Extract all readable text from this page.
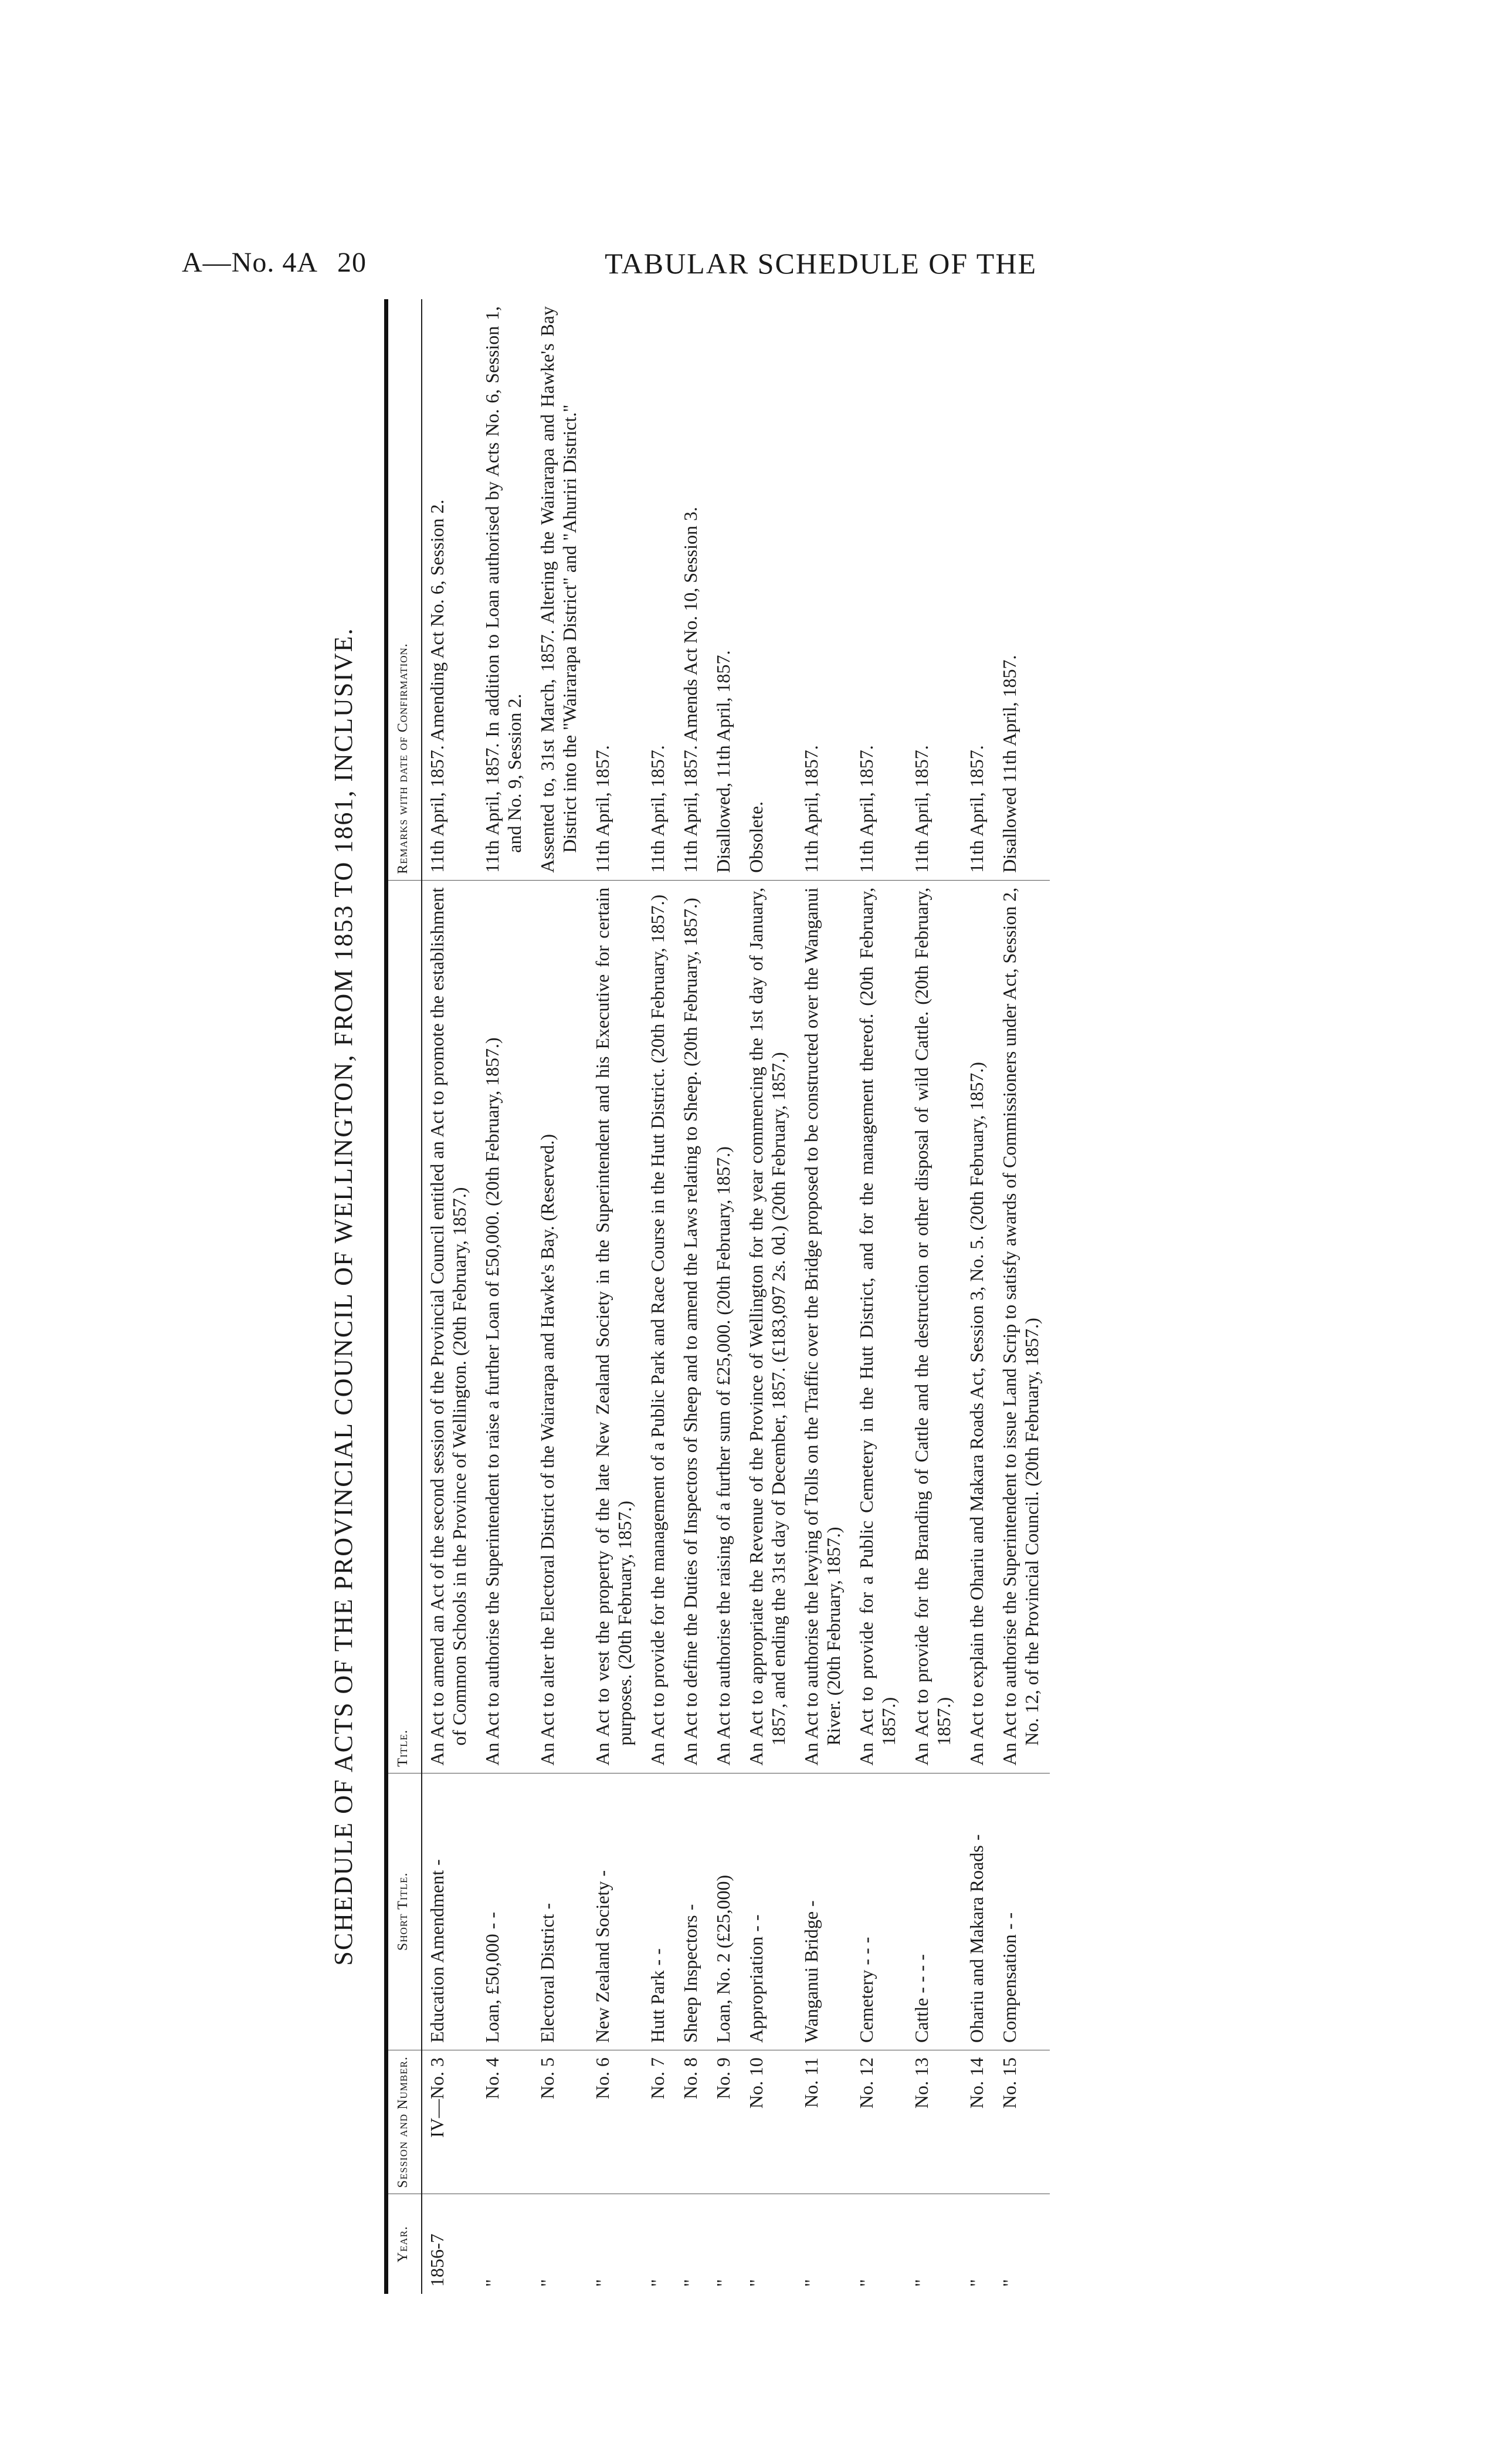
A—No. 4A 20	TABULAR SCHEDULE OF THE
SCHEDULE OF ACTS OF THE PROVINCIAL COUNCIL OF WELLINGTON, FROM 1853 TO 1861, INCLUSIVE.
Year.	Session and Number.	Short Title.	Title.	Remarks with date of Confirmation.
1856-7	IV—No. 3	Education Amendment -	An Act to amend an Act of the second session of the Provincial Council entitled an Act to promote the establishment of Common Schools in the Province of Wellington. (20th February, 1857.)	11th April, 1857. Amending Act No. 6, Session 2.

"	No. 4	Loan, £50,000 - -	An Act to authorise the Superintendent to raise a further Loan of £50,000. (20th February, 1857.)	11th April, 1857. In addition to Loan authorised by Acts No. 6, Session 1, and No. 9, Session 2.

"	No. 5	Electoral District -	An Act to alter the Electoral District of the Wairarapa and Hawke's Bay. (Reserved.)	Assented to, 31st March, 1857. Altering the Wairarapa and Hawke's Bay District into the "Wairarapa District" and "Ahuriri District."

"	No. 6	New Zealand Society -	An Act to vest the property of the late New Zealand Society in the Superintendent and his Executive for certain purposes. (20th February, 1857.)	11th April, 1857.

"	No. 7	Hutt Park - -	An Act to provide for the management of a Public Park and Race Course in the Hutt District. (20th February, 1857.)	11th April, 1857.

"	No. 8	Sheep Inspectors -	An Act to define the Duties of Inspectors of Sheep and to amend the Laws relating to Sheep. (20th February, 1857.)	11th April, 1857. Amends Act No. 10, Session 3.

"	No. 9	Loan, No. 2 (£25,000)	An Act to authorise the raising of a further sum of £25,000. (20th February, 1857.)	Disallowed, 11th April, 1857.

"	No. 10	Appropriation - -	An Act to appropriate the Revenue of the Province of Wellington for the year commencing the 1st day of January, 1857, and ending the 31st day of December, 1857. (£183,097 2s. 0d.) (20th February, 1857.)	Obsolete.

"	No. 11	Wanganui Bridge -	An Act to authorise the levying of Tolls on the Traffic over the Bridge proposed to be constructed over the Wanganui River. (20th February, 1857.)	11th April, 1857.

"	No. 12	Cemetery - - -	An Act to provide for a Public Cemetery in the Hutt District, and for the management thereof. (20th February, 1857.)	11th April, 1857.

"	No. 13	Cattle - - - -	An Act to provide for the Branding of Cattle and the destruction or other disposal of wild Cattle. (20th February, 1857.)	11th April, 1857.

"	No. 14	Ohariu and Makara Roads -	An Act to explain the Ohariu and Makara Roads Act, Session 3, No. 5. (20th February, 1857.)	11th April, 1857.

"	No. 15	Compensation - -	An Act to authorise the Superintendent to issue Land Scrip to satisfy awards of Commissioners under Act, Session 2, No. 12, of the Provincial Council. (20th February, 1857.)	Disallowed 11th April, 1857.
